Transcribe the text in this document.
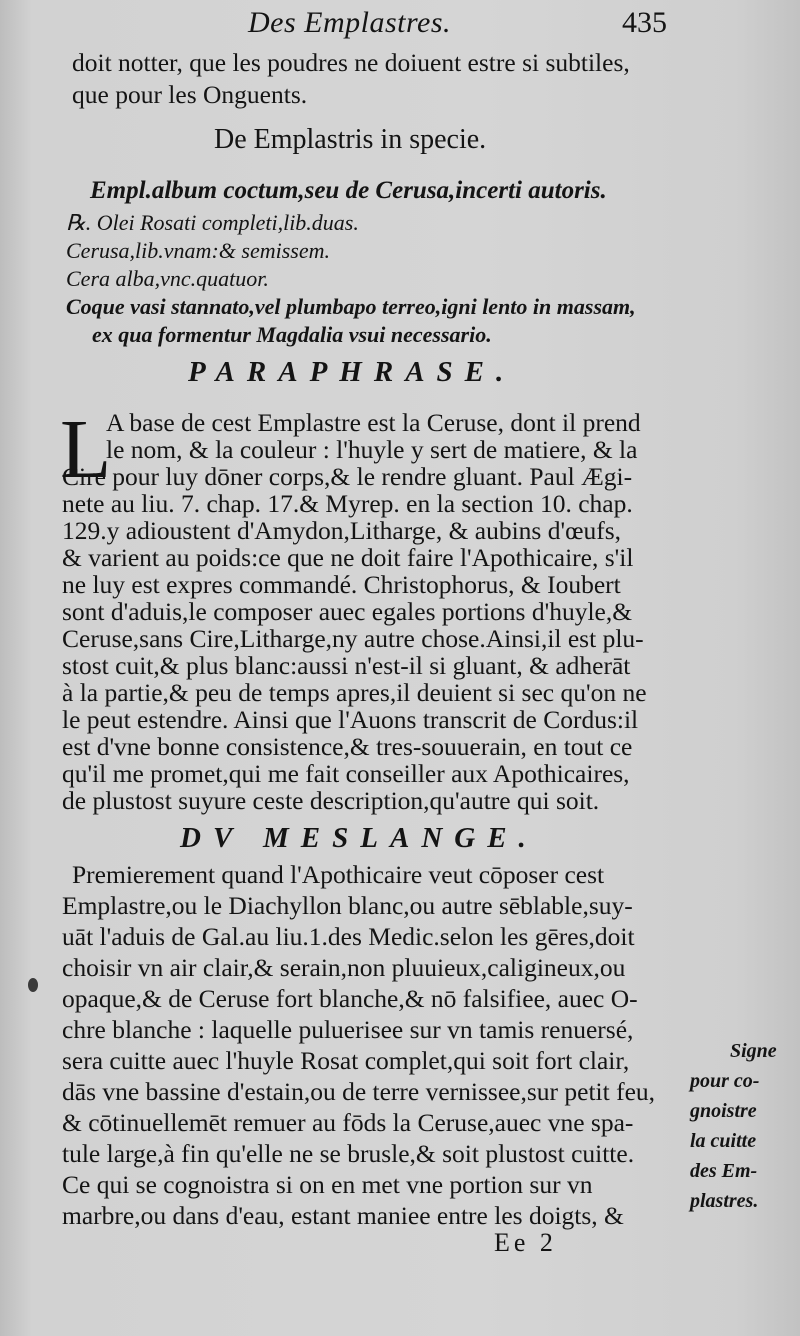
Des Emplastres.	435
doit notter, que les poudres ne doiuent estre si subtiles,
que pour les Onguents.
De Emplastris in specie.
Empl.album coctum,seu de Cerusa,incerti autoris.
℞. Olei Rosati completi,lib.duas.
Cerusa,lib.vnam:& semissem.
Cera alba,vnc.quatuor.
Coque vasi stannato,vel plumbapo terreo,igni lento in massam,
ex qua formentur Magdalia vsui necessario.
PARAPHRASE.
L
A base de cest Emplastre est la Ceruse, dont il prend
le nom, & la couleur : l'huyle y sert de matiere, & la
Cire pour luy dōner corps,& le rendre gluant. Paul Ægi-
nete au liu. 7. chap. 17.& Myrep. en la section 10. chap.
129.y adioustent d'Amydon,Litharge, & aubins d'œufs,
& varient au poids:ce que ne doit faire l'Apothicaire, s'il
ne luy est expres commandé. Christophorus, & Ioubert
sont d'aduis,le composer auec egales portions d'huyle,&
Ceruse,sans Cire,Litharge,ny autre chose.Ainsi,il est plu-
stost cuit,& plus blanc:aussi n'est-il si gluant, & adherāt
à la partie,& peu de temps apres,il deuient si sec qu'on ne
le peut estendre. Ainsi que l'Auons transcrit de Cordus:il
est d'vne bonne consistence,& tres-souuerain, en tout ce
qu'il me promet,qui me fait conseiller aux Apothicaires,
de plustost suyure ceste description,qu'autre qui soit.
DV MESLANGE.
Premierement quand l'Apothicaire veut cōposer cest
Emplastre,ou le Diachyllon blanc,ou autre sēblable,suy-
uāt l'aduis de Gal.au liu.1.des Medic.selon les gēres,doit
choisir vn air clair,& serain,non pluuieux,caligineux,ou
opaque,& de Ceruse fort blanche,& nō falsifiee, auec O-
chre blanche : laquelle pulueriseе sur vn tamis renuersé,
sera cuitte auec l'huyle Rosat complet,qui soit fort clair,
dās vne bassine d'estain,ou de terre vernissee,sur petit feu,
& cōtinuellemēt remuer au fōds la Ceruse,auec vne spa-
tule large,à fin qu'elle ne se brusle,& soit plustost cuitte.
Ce qui se cognoistra si on en met vne portion sur vn
marbre,ou dans d'eau, estant maniee entre les doigts, &
Signe
pour co-
gnoistre
la cuitte
des Em-
plastres.
Ee 2
